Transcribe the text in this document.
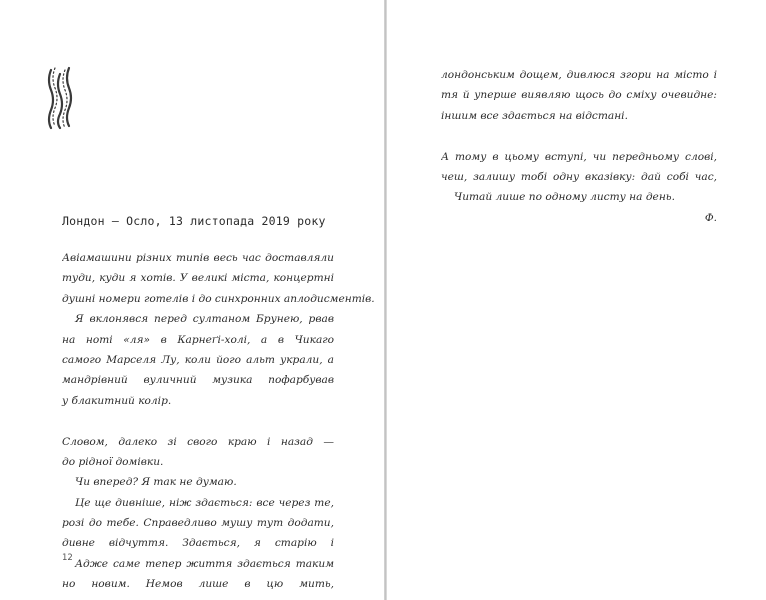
Лондон — Осло, 13 листопада 2019 року
Авіамашини різних типів весь час доставляли
туди, куди я хотів. У великі міста, концертні
душні номери готелів і до синхронних аплодисментів.
Я вклонявся перед султаном Брунею, рвав
на ноті «ля» в Карнеґі-холі, а в Чикаго
самого Марселя Лу, коли його альт украли, а
мандрівний вуличний музика пофарбував
у блакитний колір.
Словом, далеко зі свого краю і назад —
до рідної домівки.
Чи вперед? Я так не думаю.
Це ще дивніше, ніж здається: все через те,
розі до тебе. Справедливо мушу тут додати,
дивне відчуття. Здається, я старію і
Адже саме тепер життя здається таким
но новим. Немов лише в цю мить,
12
лондонським дощем, дивлюся згори на місто і
тя й уперше виявляю щось до сміху очевидне:
іншим все здається на відстані.
А тому в цьому вступі, чи передньому слові,
чеш, залишу тобі одну вказівку: дай собі час,
Читай лише по одному листу на день.
Ф.
